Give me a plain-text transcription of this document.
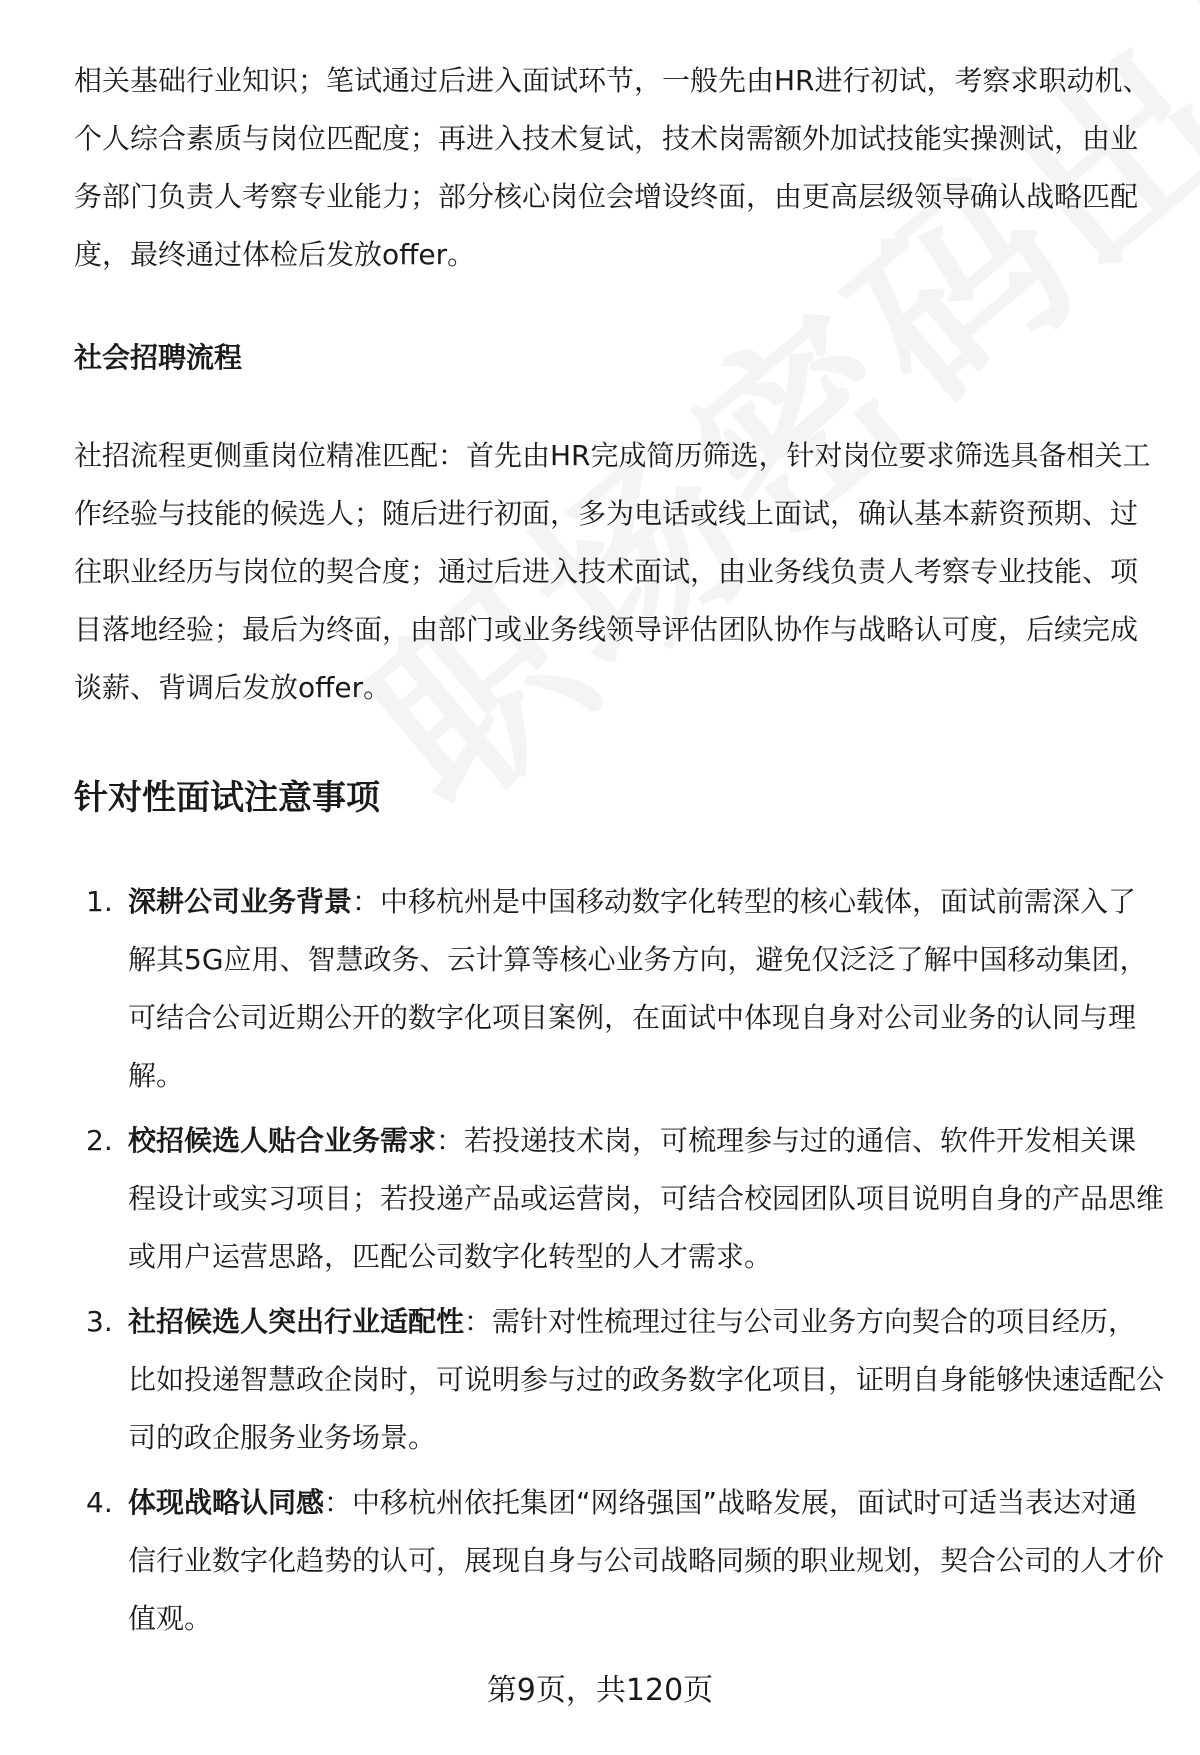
相关基础行业知识；笔试通过后进入面试环节，一般先由HR进行初试，考察求职动机、个人综合素质与岗位匹配度；再进入技术复试，技术岗需额外加试技能实操测试，由业务部门负责人考察专业能力；部分核心岗位会增设终面，由更高层级领导确认战略匹配度，最终通过体检后发放offer。

社会招聘流程

社招流程更侧重岗位精准匹配：首先由HR完成简历筛选，针对岗位要求筛选具备相关工作经验与技能的候选人；随后进行初面，多为电话或线上面试，确认基本薪资预期、过往职业经历与岗位的契合度；通过后进入技术面试，由业务线负责人考察专业技能、项目落地经验；最后为终面，由部门或业务线领导评估团队协作与战略认可度，后续完成谈薪、背调后发放offer。

针对性面试注意事项
1. 深耕公司业务背景：中移杭州是中国移动数字化转型的核心载体，面试前需深入了解其5G应用、智慧政务、云计算等核心业务方向，避免仅泛泛了解中国移动集团，可结合公司近期公开的数字化项目案例，在面试中体现自身对公司业务的认同与理解。
2. 校招候选人贴合业务需求：若投递技术岗，可梳理参与过的通信、软件开发相关课程设计或实习项目；若投递产品或运营岗，可结合校园团队项目说明自身的产品思维或用户运营思路，匹配公司数字化转型的人才需求。
3. 社招候选人突出行业适配性：需针对性梳理过往与公司业务方向契合的项目经历，比如投递智慧政企岗时，可说明参与过的政务数字化项目，证明自身能够快速适配公司的政企服务业务场景。
4. 体现战略认同感：中移杭州依托集团“网络强国”战略发展，面试时可适当表达对通信行业数字化趋势的认可，展现自身与公司战略同频的职业规划，契合公司的人才价值观。

第9页，共120页
